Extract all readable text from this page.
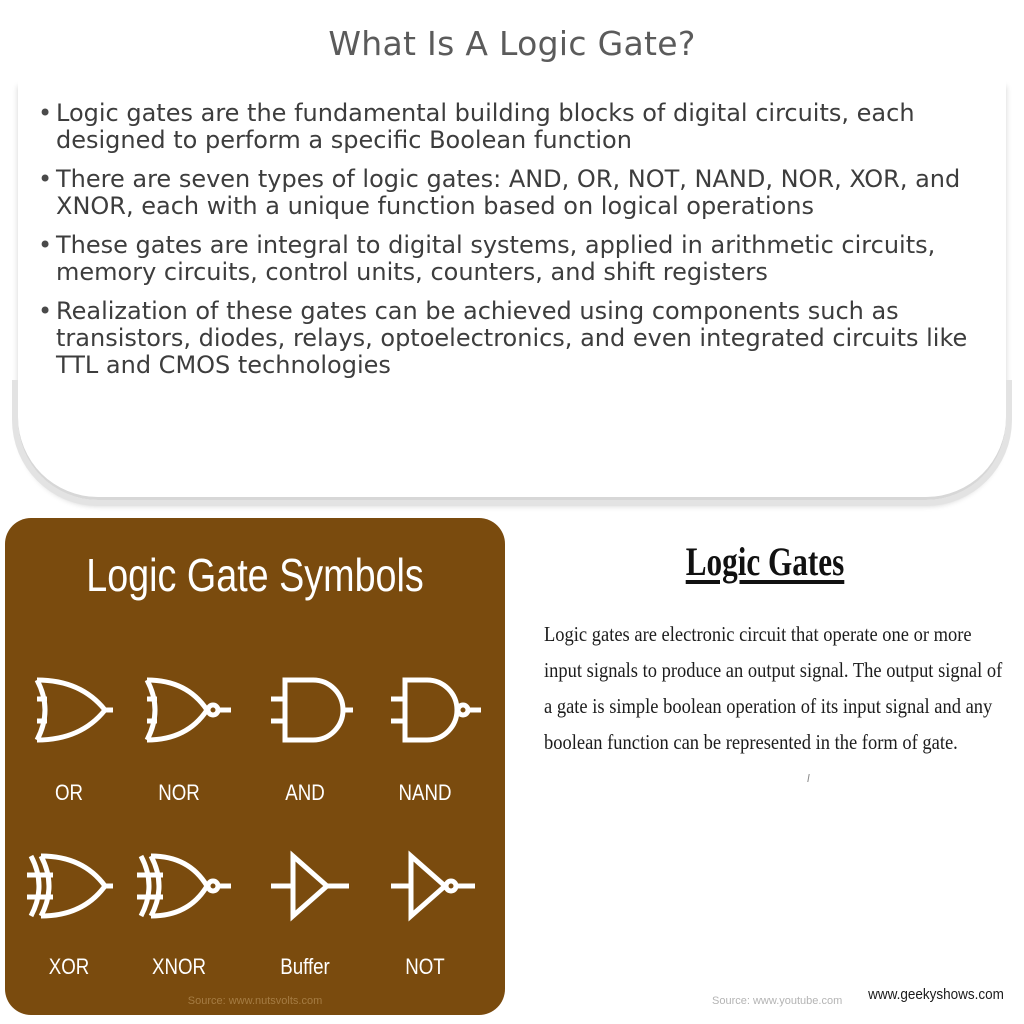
What Is A Logic Gate?
• Logic gates are the fundamental building blocks of digital circuits, each designed to perform a specific Boolean function
• There are seven types of logic gates: AND, OR, NOT, NAND, NOR, XOR, and XNOR, each with a unique function based on logical operations
• These gates are integral to digital systems, applied in arithmetic circuits, memory circuits, control units, counters, and shift registers
• Realization of these gates can be achieved using components such as transistors, diodes, relays, optoelectronics, and even integrated circuits like TTL and CMOS technologies
Logic Gate Symbols
OR	NOR	AND	NAND
XOR	XNOR	Buffer	NOT
Source: www.nutsvolts.com
Logic Gates
Logic gates are electronic circuit that operate one or more input signals to produce an output signal. The output signal of a gate is simple boolean operation of its input signal and any boolean function can be represented in the form of gate.
Source: www.youtube.com www.geekyshows.com
